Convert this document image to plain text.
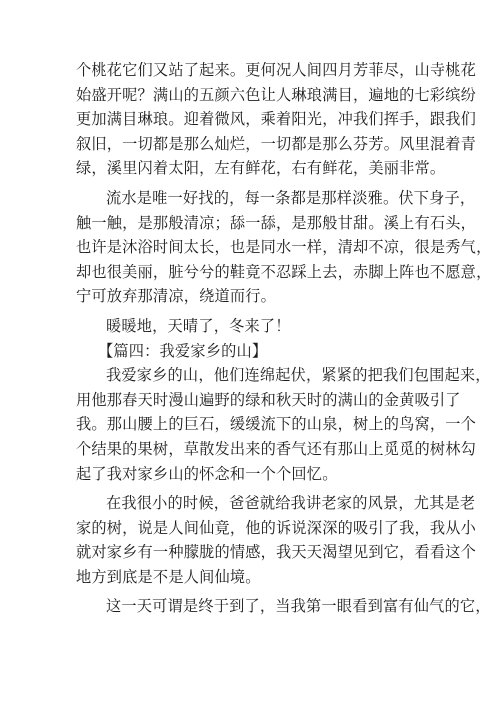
个桃花它们又站了起来。更何况人间四月芳菲尽，山寺桃花
始盛开呢？满山的五颜六色让人琳琅满目，遍地的七彩缤纷
更加满目琳琅。迎着微风，乘着阳光，冲我们挥手，跟我们
叙旧，一切都是那么灿烂，一切都是那么芬芳。风里混着青
绿，溪里闪着太阳，左有鲜花，右有鲜花，美丽非常。
流水是唯一好找的，每一条都是那样淡雅。伏下身子，
触一触，是那般清凉；舔一舔，是那般甘甜。溪上有石头，
也许是沐浴时间太长，也是同水一样，清却不凉，很是秀气，
却也很美丽，脏兮兮的鞋竟不忍踩上去，赤脚上阵也不愿意，
宁可放弃那清凉，绕道而行。
暖暖地，天晴了，冬来了！
【篇四：我爱家乡的山】
我爱家乡的山，他们连绵起伏，紧紧的把我们包围起来，
用他那春天时漫山遍野的绿和秋天时的满山的金黄吸引了
我。那山腰上的巨石，缓缓流下的山泉，树上的鸟窝，一个
个结果的果树，草散发出来的香气还有那山上觅觅的树林勾
起了我对家乡山的怀念和一个个回忆。
在我很小的时候，爸爸就给我讲老家的风景，尤其是老
家的树，说是人间仙竟，他的诉说深深的吸引了我，我从小
就对家乡有一种朦胧的情感，我天天渴望见到它，看看这个
地方到底是不是人间仙境。
这一天可谓是终于到了，当我第一眼看到富有仙气的它，
